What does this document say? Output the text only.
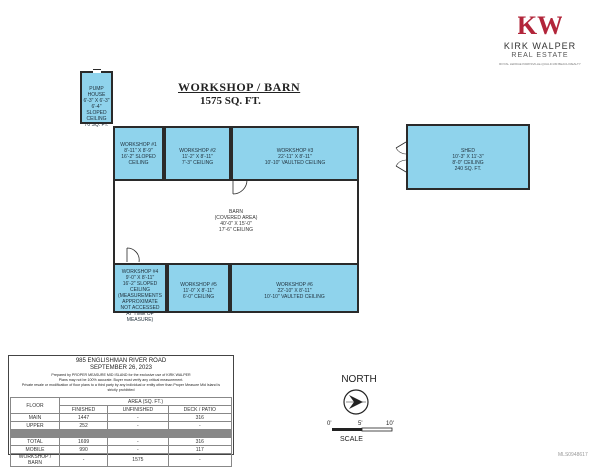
KW
KIRK WALPER
REAL ESTATE
ROYAL LEPAGE PARKSVILLE-QUALICUM BEACH REALTY
WORKSHOP / BARN
1575 SQ. FT.
PUMP HOUSE
6'-3" X 6'-3"
6'-4" SLOPED
CEILING
70 SQ. FT.
WORKSHOP #1
8'-11" X 8'-9"
16'-2" SLOPED
CEILING
WORKSHOP #2
11'-2" X 8'-11"
7'-3" CEILING
WORKSHOP #3
22'-11" X 8'-11"
10'-10" VAULTED CEILING
BARN
(COVERED AREA)
40'-0" X 15'-0"
17'-6" CEILING
WORKSHOP #4
9'-0" X 8'-11"
16'-2" SLOPED
CEILING
(MEASUREMENTS
APPROXIMATE
NOT ACCESSED
AT TIME OF MEASURE)
WORKSHOP #5
11'-0" X 8'-11"
6'-0" CEILING
WORKSHOP #6
22'-10" X 8'-11"
10'-10" VAULTED CEILING
SHED
10'-3" X 11'-3"
8'-0" CEILING
240 SQ. FT.
985 ENGLISHMAN RIVER ROAD
SEPTEMBER 26, 2023
Prepared by PROPER MEASURE MID ISLAND for the exclusive use of KIRK WALPER
Plans may not be 100% accurate. Buyer must verify any critical measurement.
Private resale or modification of floor plans to a third party by any individual or entity other than Proper Measure Mid Island is strictly prohibited
FLOOR	AREA (SQ. FT.)		
	FINISHED	UNFINISHED	DECK / PATIO
MAIN	1447	-	316
UPPER	252	-	-

TOTAL	1699	-	316
MOBILE	990	-	117
WORKSHOP / BARN	-	1575	-
NORTH
0'	5'	10'
SCALE
MLS0948617
